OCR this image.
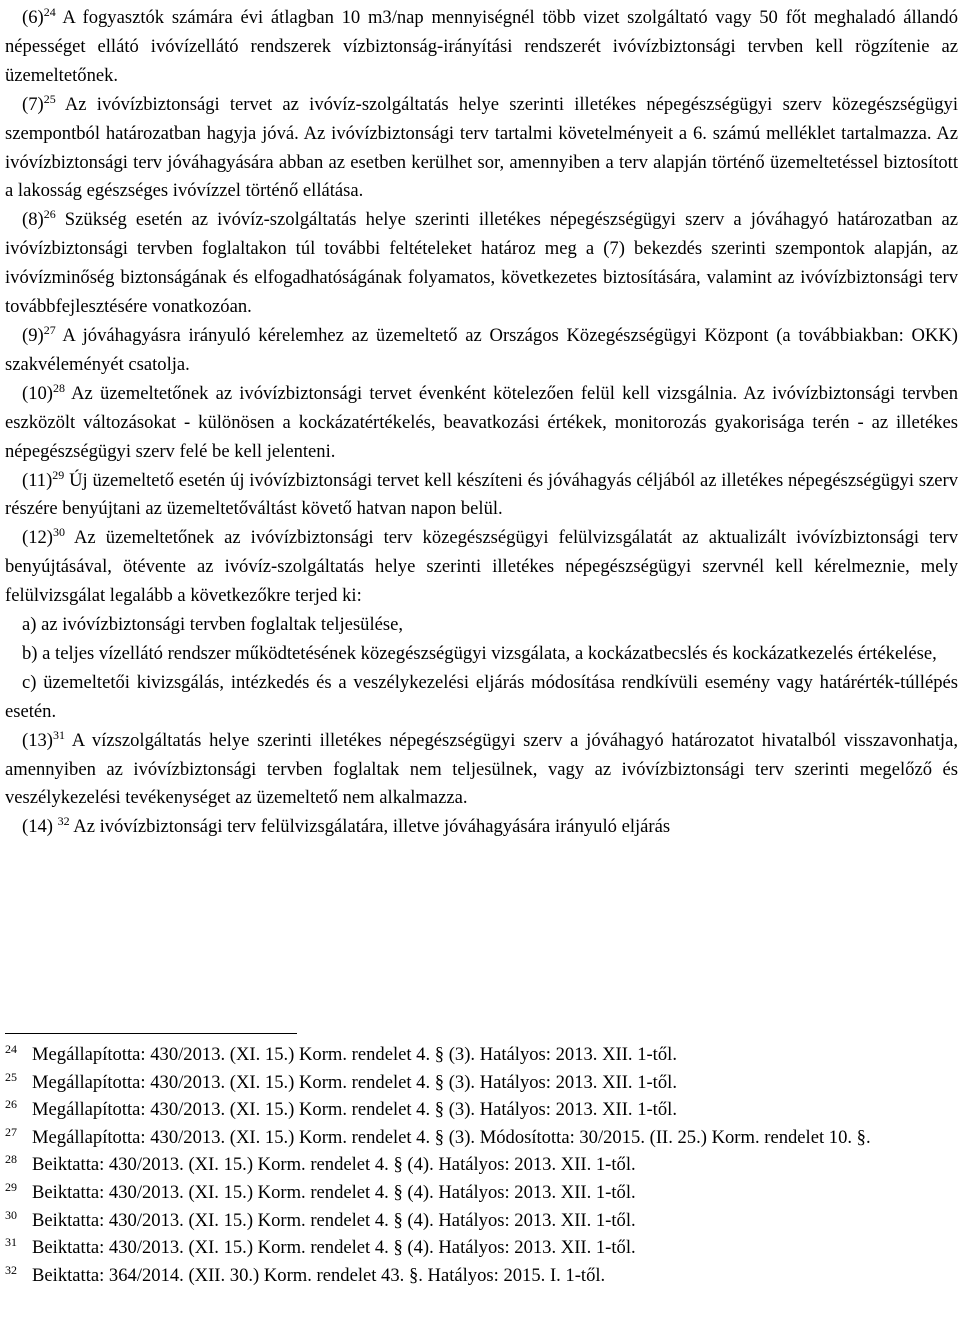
$(6)^{24}$ A fogyasztók számára évi átlagban 10 m3/nap mennyiségnél több vizet szolgáltató vagy 50 főt meghaladó állandó népességet ellátó ivóvízellátó rendszerek vízbiztonság-irányítási rendszerét ivóvízbiztonsági tervben kell rögzítenie az üzemeltetőnek.

$(7)^{25}$ Az ivóvízbiztonsági tervet az ivóvíz-szolgáltatás helye szerinti illetékes népegészségügyi szerv közegészségügyi szempontból határozatban hagyja jóvá. Az ivóvízbiztonsági terv tartalmi követelményeit a 6. számú melléklet tartalmazza. Az ivóvízbiztonsági terv jóváhagyására abban az esetben kerülhet sor, amennyiben a terv alapján történő üzemeltetéssel biztosított a lakosság egészséges ivóvízzel történő ellátása.

$(8)^{26}$ Szükség esetén az ivóvíz-szolgáltatás helye szerinti illetékes népegészségügyi szerv a jóváhagyó határozatban az ivóvízbiztonsági tervben foglaltakon túl további feltételeket határoz meg a (7) bekezdés szerinti szempontok alapján, az ivóvízminőség biztonságának és elfogadhatóságának folyamatos, következetes biztosítására, valamint az ivóvízbiztonsági terv továbbfejlesztésére vonatkozóan.

$(9)^{27}$ A jóváhagyásra irányuló kérelemhez az üzemeltető az Országos Közegészségügyi Központ (a továbbiakban: OKK) szakvéleményét csatolja.

$(10)^{28}$ Az üzemeltetőnek az ivóvízbiztonsági tervet évenként kötelezően felül kell vizsgálnia. Az ivóvízbiztonsági tervben eszközölt változásokat - különösen a kockázatértékelés, beavatkozási értékek, monitorozás gyakorisága terén - az illetékes népegészségügyi szerv felé be kell jelenteni.

$(11)^{29}$ Új üzemeltető esetén új ivóvízbiztonsági tervet kell készíteni és jóváhagyás céljából az illetékes népegészségügyi szerv részére benyújtani az üzemeltetőváltást követő hatvan napon belül.

$(12)^{30}$ Az üzemeltetőnek az ivóvízbiztonsági terv közegészségügyi felülvizsgálatát az aktualizált ivóvízbiztonsági terv benyújtásával, ötévente az ivóvíz-szolgáltatás helye szerinti illetékes népegészségügyi szervnél kell kérelmeznie, mely felülvizsgálat legalább a következőkre terjed ki:

a) az ivóvízbiztonsági tervben foglaltak teljesülése,

b) a teljes vízellátó rendszer működtetésének közegészségügyi vizsgálata, a kockázatbecslés és kockázatkezelés értékelése,

c) üzemeltetői kivizsgálás, intézkedés és a veszélykezelési eljárás módosítása rendkívüli esemény vagy határérték-túllépés esetén.

$(13)^{31}$ A vízszolgáltatás helye szerinti illetékes népegészségügyi szerv a jóváhagyó határozatot hivatalból visszavonhatja, amennyiben az ivóvízbiztonsági tervben foglaltak nem teljesülnek, vagy az ivóvízbiztonsági terv szerinti megelőző és veszélykezelési tevékenységet az üzemeltető nem alkalmazza.

(14) $^{32}$ Az ivóvízbiztonsági terv felülvizsgálatára, illetve jóváhagyására irányuló eljárás

24 Megállapította: 430/2013. (XI. 15.) Korm. rendelet 4. § (3). Hatályos: 2013. XII. 1-től.
25 Megállapította: 430/2013. (XI. 15.) Korm. rendelet 4. § (3). Hatályos: 2013. XII. 1-től.
26 Megállapította: 430/2013. (XI. 15.) Korm. rendelet 4. § (3). Hatályos: 2013. XII. 1-től.
27 Megállapította: 430/2013. (XI. 15.) Korm. rendelet 4. § (3). Módosította: 30/2015. (II. 25.) Korm. rendelet 10. §.
28 Beiktatta: 430/2013. (XI. 15.) Korm. rendelet 4. § (4). Hatályos: 2013. XII. 1-től.
29 Beiktatta: 430/2013. (XI. 15.) Korm. rendelet 4. § (4). Hatályos: 2013. XII. 1-től.
30 Beiktatta: 430/2013. (XI. 15.) Korm. rendelet 4. § (4). Hatályos: 2013. XII. 1-től.
31 Beiktatta: 430/2013. (XI. 15.) Korm. rendelet 4. § (4). Hatályos: 2013. XII. 1-től.
32 Beiktatta: 364/2014. (XII. 30.) Korm. rendelet 43. §. Hatályos: 2015. I. 1-től.
